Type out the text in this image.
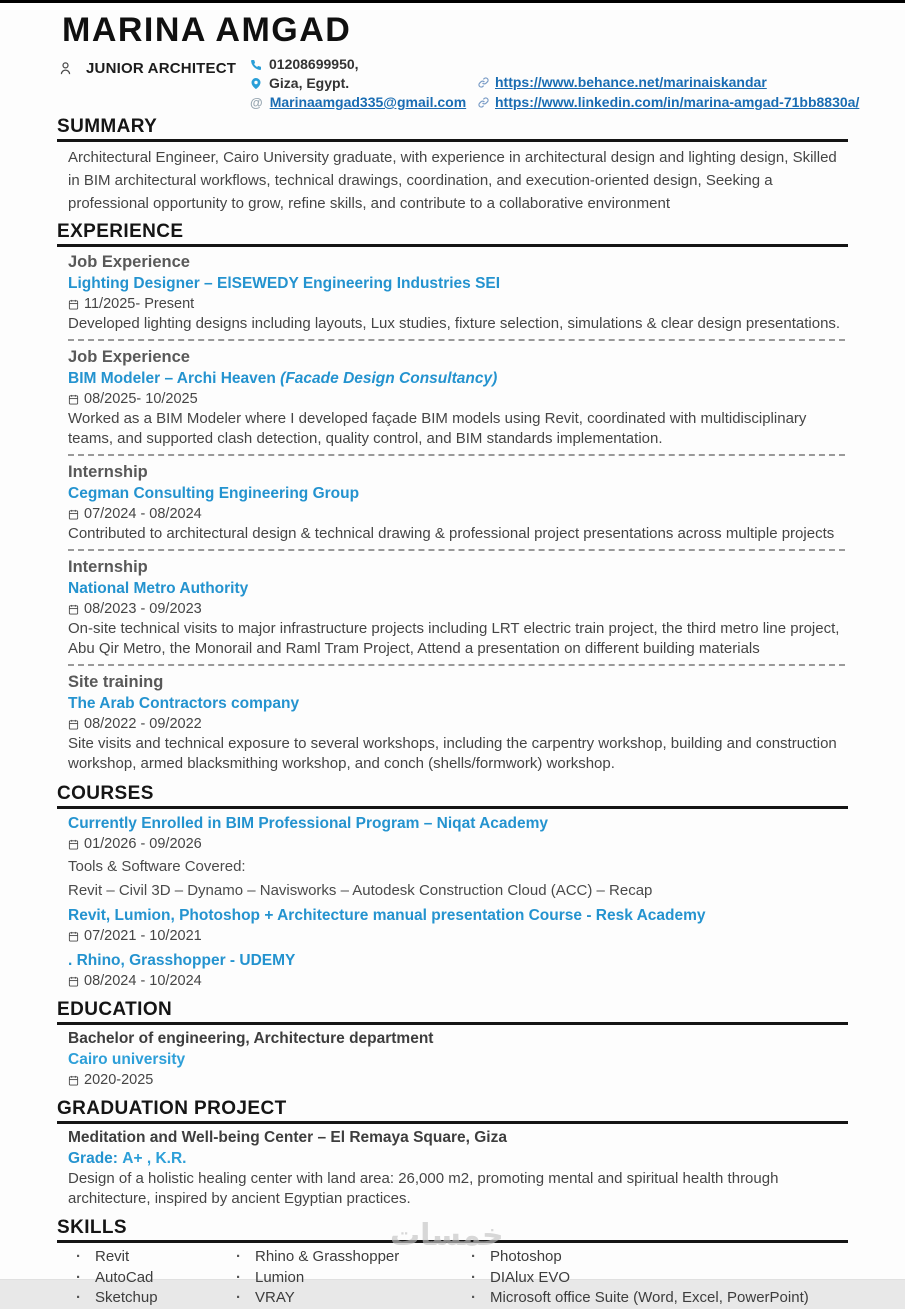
MARINA AMGAD
JUNIOR ARCHITECT 01208699950,
Giza, Egypt.
@ Marinaamgad335@gmail.com
https://www.behance.net/marinaiskandar
https://www.linkedin.com/in/marina-amgad-71bb8830a/
SUMMARY

Architectural Engineer, Cairo University graduate, with experience in architectural design and lighting design, Skilled in BIM architectural workflows, technical drawings, coordination, and execution-oriented design, Seeking a professional opportunity to grow, refine skills, and contribute to a collaborative environment

EXPERIENCE
Job Experience
Lighting Designer – ElSEWEDY Engineering Industries SEI
11/2025- Present
Developed lighting designs including layouts, Lux studies, fixture selection, simulations & clear design presentations.
Job Experience
BIM Modeler – Archi Heaven (Facade Design Consultancy)
08/2025- 10/2025
Worked as a BIM Modeler where I developed façade BIM models using Revit, coordinated with multidisciplinary teams, and supported clash detection, quality control, and BIM standards implementation.
Internship
Cegman Consulting Engineering Group
07/2024 - 08/2024
Contributed to architectural design & technical drawing & professional project presentations across multiple projects
Internship
National Metro Authority
08/2023 - 09/2023
On-site technical visits to major infrastructure projects including LRT electric train project, the third metro line project, Abu Qir Metro, the Monorail and Raml Tram Project, Attend a presentation on different building materials
Site training
The Arab Contractors company
08/2022 - 09/2022
Site visits and technical exposure to several workshops, including the carpentry workshop, building and construction workshop, armed blacksmithing workshop, and conch (shells/formwork) workshop.
COURSES
Currently Enrolled in BIM Professional Program – Niqat Academy
01/2026 - 09/2026
Tools & Software Covered:
Revit – Civil 3D – Dynamo – Navisworks – Autodesk Construction Cloud (ACC) – Recap
Revit, Lumion, Photoshop + Architecture manual presentation Course - Resk Academy
07/2021 - 10/2021
. Rhino, Grasshopper - UDEMY
08/2024 - 10/2024
EDUCATION
Bachelor of engineering, Architecture department
Cairo university
2020-2025
GRADUATION PROJECT
Meditation and Well-being Center – El Remaya Square, Giza
Grade: A+ , K.R.
Design of a holistic healing center with land area: 26,000 m2, promoting mental and spiritual health through architecture, inspired by ancient Egyptian practices.
SKILLS
· Revit
· AutoCad
· Sketchup
· Rhino & Grasshopper
· Lumion
· VRAY
· Photoshop
· DIAlux EVO
· Microsoft office Suite (Word, Excel, PowerPoint)
خمسات
